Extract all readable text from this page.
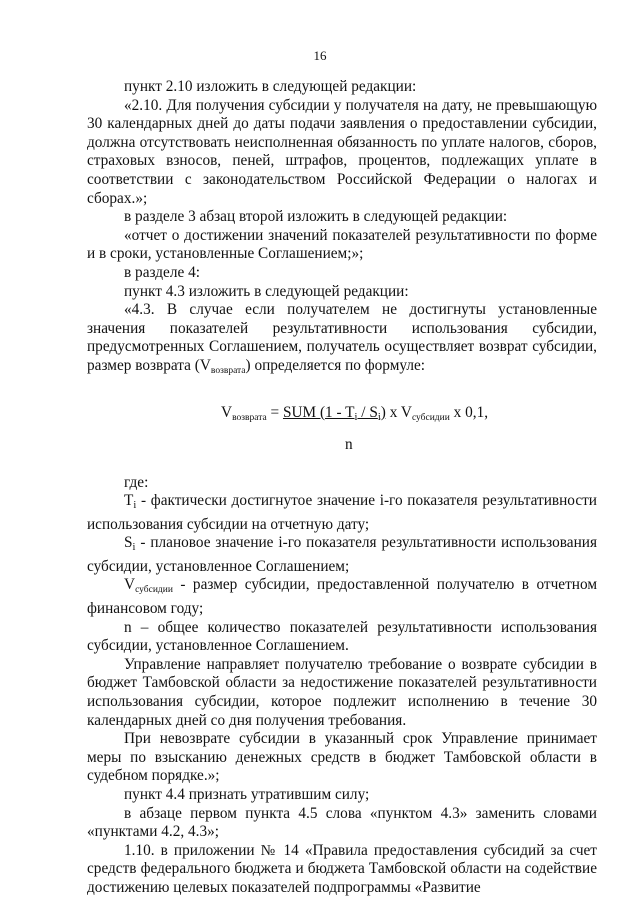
16

пункт 2.10 изложить в следующей редакции:

«2.10. Для получения субсидии у получателя на дату, не превышающую 30 календарных дней до даты подачи заявления о предоставлении субсидии, должна отсутствовать неисполненная обязанность по уплате налогов, сборов, страховых взносов, пеней, штрафов, процентов, подлежащих уплате в соответствии с законодательством Российской Федерации о налогах и сборах.»;

в разделе 3 абзац второй изложить в следующей редакции:

«отчет о достижении значений показателей результативности по форме и в сроки, установленные Соглашением;»;

в разделе 4:

пункт 4.3 изложить в следующей редакции:

«4.3. В случае если получателем не достигнуты установленные значения показателей результативности использования субсидии, предусмотренных Соглашением, получатель осуществляет возврат субсидии, размер возврата (Vвозврата) определяется по формуле:

Vвозврата = SUM (1 - Ti / Si) x Vсубсидии x 0,1,
n

где:

Ti - фактически достигнутое значение i-го показателя результативности использования субсидии на отчетную дату;

Si - плановое значение i-го показателя результативности использования субсидии, установленное Соглашением;

Vсубсидии - размер субсидии, предоставленной получателю в отчетном финансовом году;

n – общее количество показателей результативности использования субсидии, установленное Соглашением.

Управление направляет получателю требование о возврате субсидии в бюджет Тамбовской области за недостижение показателей результативности использования субсидии, которое подлежит исполнению в течение 30 календарных дней со дня получения требования.

При невозврате субсидии в указанный срок Управление принимает меры по взысканию денежных средств в бюджет Тамбовской области в судебном порядке.»;

пункт 4.4 признать утратившим силу;

в абзаце первом пункта 4.5 слова «пунктом 4.3» заменить словами «пунктами 4.2, 4.3»;

1.10. в приложении № 14 «Правила предоставления субсидий за счет средств федерального бюджета и бюджета Тамбовской области на содействие достижению целевых показателей подпрограммы «Развитие
